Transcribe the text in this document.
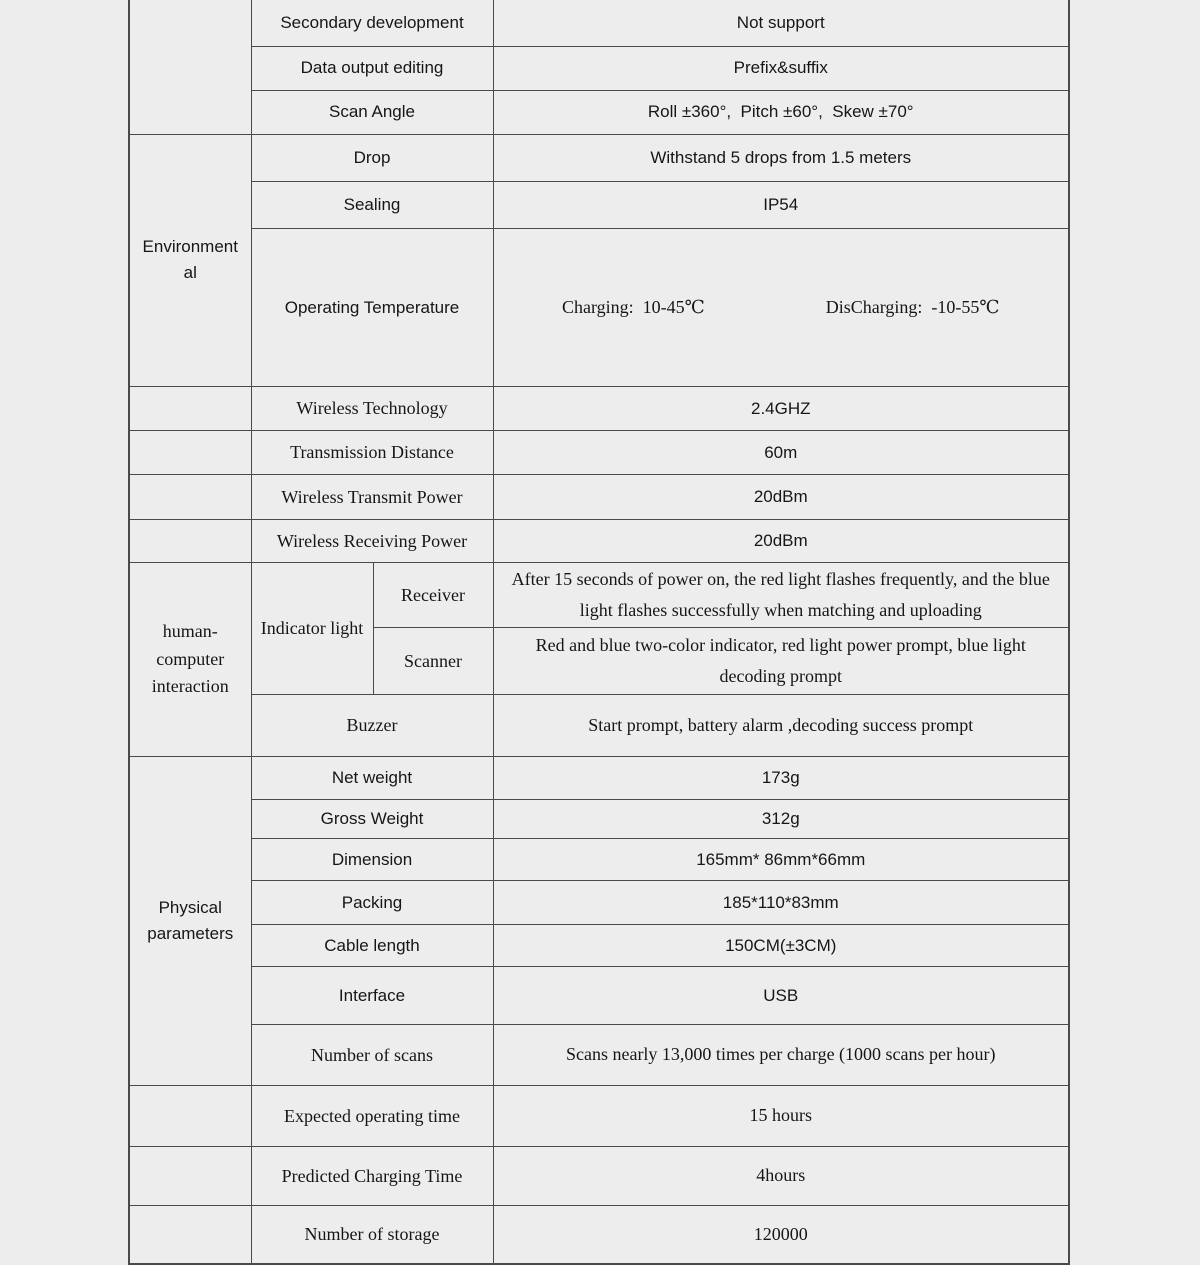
	Secondary development		Not support
	Data output editing		Prefix&suffix
	Scan Angle		Roll ±360°,  Pitch ±60°,  Skew ±70°
Environmental	Drop		Withstand 5 drops from 1.5 meters
	Sealing		IP54
	Operating Temperature		Charging:  10-45℃ DisCharging:  -10-55℃

	Wireless Technology		2.4GHZ
	Transmission Distance		60m
	Wireless Transmit Power		20dBm
	Wireless Receiving Power		20dBm
human-computer interaction	Indicator light	Receiver	After 15 seconds of power on, the red light flashes frequently, and the blue light flashes successfully when matching and uploading
		Scanner	Red and blue two-color indicator, red light power prompt, blue light decoding prompt
	Buzzer		Start prompt, battery alarm ,decoding success prompt
Physical parameters	Net weight		173g
	Gross Weight		312g
	Dimension		165mm* 86mm*66mm
	Packing		185*110*83mm
	Cable length		150CM(±3CM)
	Interface		USB
	Number of scans		Scans nearly 13,000 times per charge (1000 scans per hour)
	Expected operating time		15 hours
	Predicted Charging Time		4hours
	Number of storage		120000
